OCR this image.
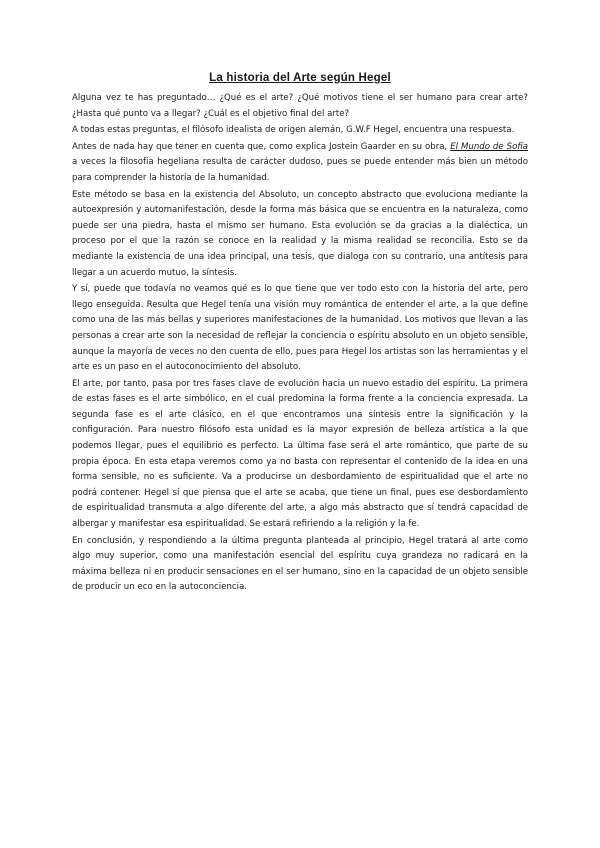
La historia del Arte según Hegel

Alguna vez te has preguntado… ¿Qué es el arte? ¿Qué motivos tiene el ser humano para crear arte? ¿Hasta qué punto va a llegar? ¿Cuál es el objetivo final del arte?

A todas estas preguntas, el filósofo idealista de origen alemán, G.W.F Hegel, encuentra una respuesta.

Antes de nada hay que tener en cuenta que, como explica Jostein Gaarder en su obra, El Mundo de Sofía a veces la filosofía hegeliana resulta de carácter dudoso, pues se puede entender más bien un método para comprender la historia de la humanidad.

Este método se basa en la existencia del Absoluto, un concepto abstracto que evoluciona mediante la autoexpresión y automanifestación, desde la forma más básica que se encuentra en la naturaleza, como puede ser una piedra, hasta el mismo ser humano. Esta evolución se da gracias a la dialéctica, un proceso por el que la razón se conoce en la realidad y la misma realidad se reconcilia. Esto se da mediante la existencia de una idea principal, una tesis, que dialoga con su contrario, una antítesis para llegar a un acuerdo mutuo, la síntesis.

Y sí, puede que todavía no veamos qué es lo que tiene que ver todo esto con la historia del arte, pero llego enseguida. Resulta que Hegel tenía una visión muy romántica de entender el arte, a la que define como una de las más bellas y superiores manifestaciones de la humanidad. Los motivos que llevan a las personas a crear arte son la necesidad de reflejar la conciencia o espíritu absoluto en un objeto sensible, aunque la mayoría de veces no den cuenta de ello, pues para Hegel los artistas son las herramientas y el arte es un paso en el autoconocimiento del absoluto.

El arte, por tanto, pasa por tres fases clave de evolución hacia un nuevo estadio del espíritu. La primera de estas fases es el arte simbólico, en el cual predomina la forma frente a la conciencia expresada. La segunda fase es el arte clásico, en el que encontramos una síntesis entre la significación y la configuración. Para nuestro filósofo esta unidad es la mayor expresión de belleza artística a la que podemos llegar, pues el equilibrio es perfecto. La última fase será el arte romántico, que parte de su propia época. En esta etapa veremos como ya no basta con representar el contenido de la idea en una forma sensible, no es suficiente. Va a producirse un desbordamiento de espiritualidad que el arte no podrá contener. Hegel sí que piensa que el arte se acaba, que tiene un final, pues ese desbordamiento de espiritualidad transmuta a algo diferente del arte, a algo más abstracto que sí tendrá capacidad de albergar y manifestar esa espiritualidad. Se estará refiriendo a la religión y la fe.

En conclusión, y respondiendo a la última pregunta planteada al principio, Hegel tratará al arte como algo muy superior, como una manifestación esencial del espíritu cuya grandeza no radicará en la máxima belleza ni en producir sensaciones en el ser humano, sino en la capacidad de un objeto sensible de producir un eco en la autoconciencia.
